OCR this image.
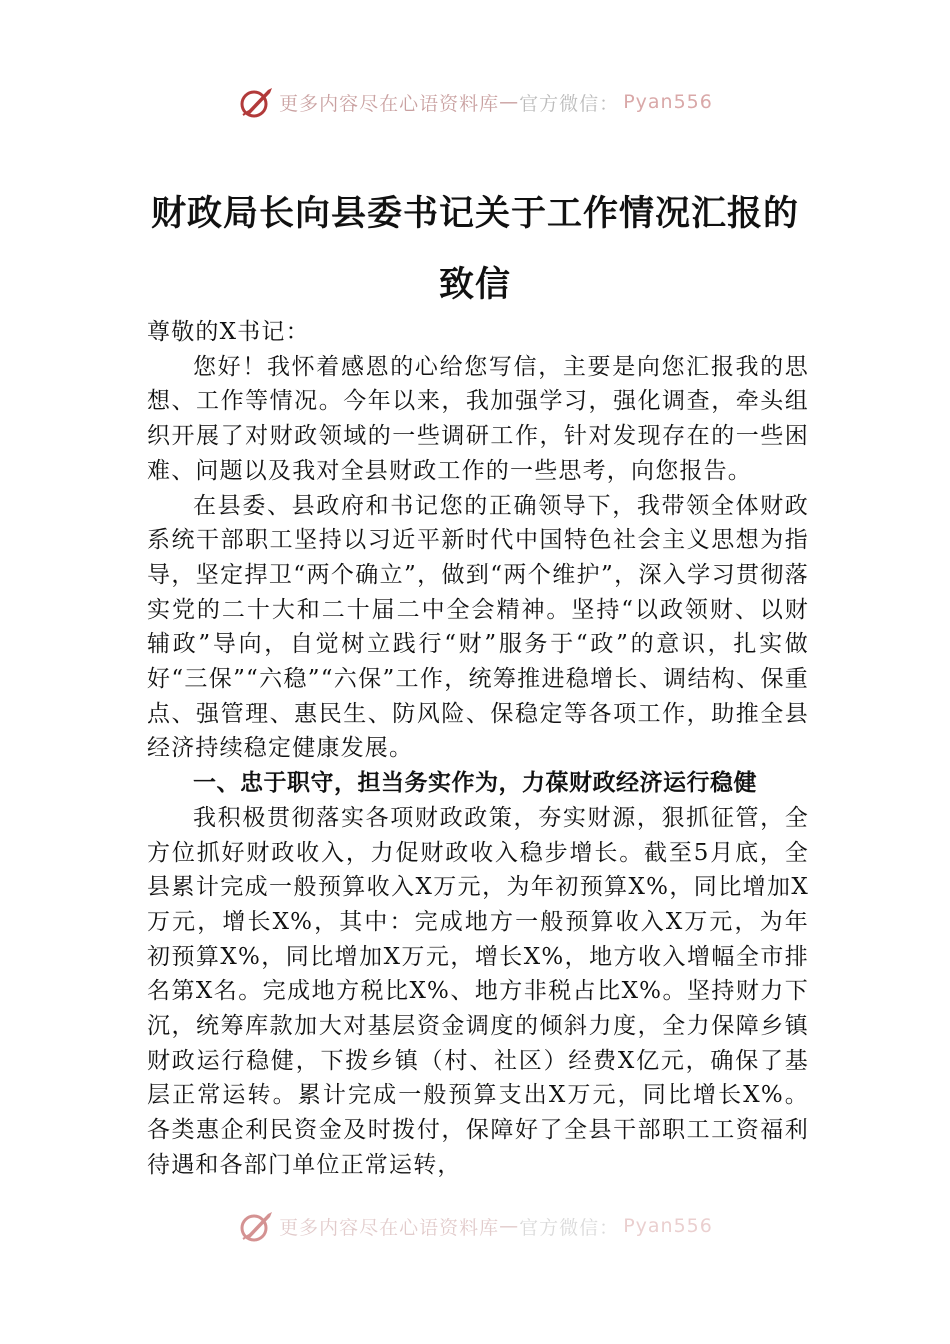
更多内容尽在心语资料库 — 官方微信： Pyan556
财政局长向县委书记关于工作情况汇报的
致信

尊敬的X书记：

您好！我怀着感恩的心给您写信，主要是向您汇报我的思想、工作等情况。今年以来，我加强学习，强化调查，牵头组织开展了对财政领域的一些调研工作，针对发现存在的一些困难、问题以及我对全县财政工作的一些思考，向您报告。

在县委、县政府和书记您的正确领导下，我带领全体财政系统干部职工坚持以习近平新时代中国特色社会主义思想为指导，坚定捍卫“两个确立”，做到“两个维护”，深入学习贯彻落实党的二十大和二十届二中全会精神。坚持“以政领财、以财辅政”导向，自觉树立践行“财”服务于“政”的意识，扎实做好“三保”“六稳”“六保”工作，统筹推进稳增长、调结构、保重点、强管理、惠民生、防风险、保稳定等各项工作，助推全县经济持续稳定健康发展。

一、忠于职守，担当务实作为，力葆财政经济运行稳健

我积极贯彻落实各项财政政策，夯实财源，狠抓征管，全方位抓好财政收入，力促财政收入稳步增长。截至5月底，全县累计完成一般预算收入X万元，为年初预算X%，同比增加X万元，增长X%，其中：完成地方一般预算收入X万元，为年初预算X%，同比增加X万元，增长X%，地方收入增幅全市排名第X名。完成地方税比X%、地方非税占比X%。坚持财力下沉，统筹库款加大对基层资金调度的倾斜力度，全力保障乡镇财政运行稳健，下拨乡镇（村、社区）经费X亿元，确保了基层正常运转。累计完成一般预算支出X万元，同比增长X%。各类惠企利民资金及时拨付，保障好了全县干部职工工资福利待遇和各部门单位正常运转，

更多内容尽在心语资料库 — 官方微信： Pyan556
